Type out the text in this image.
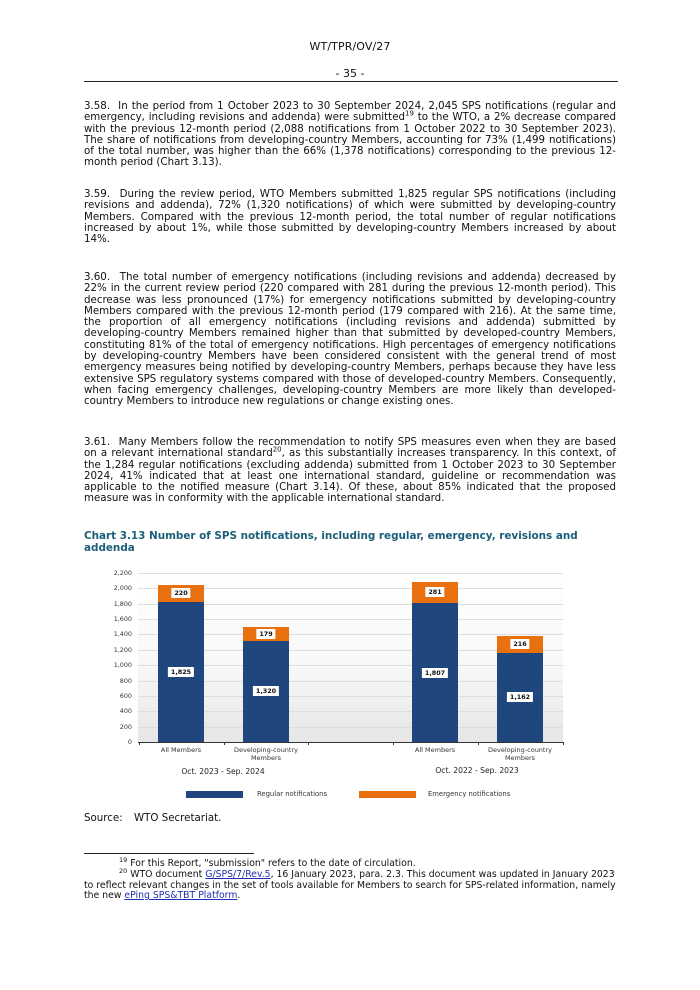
WT/TPR/OV/27
- 35 -

3.58. In the period from 1 October 2023 to 30 September 2024, 2,045 SPS notifications (regular and emergency, including revisions and addenda) were submitted$^{19}$ to the WTO, a 2% decrease compared with the previous 12-month period (2,088 notifications from 1 October 2022 to 30 September 2023). The share of notifications from developing-country Members, accounting for 73% (1,499 notifications) of the total number, was higher than the 66% (1,378 notifications) corresponding to the previous 12-month period (Chart 3.13).

3.59. During the review period, WTO Members submitted 1,825 regular SPS notifications (including revisions and addenda), 72% (1,320 notifications) of which were submitted by developing-country Members. Compared with the previous 12-month period, the total number of regular notifications increased by about 1%, while those submitted by developing-country Members increased by about 14%.

3.60. The total number of emergency notifications (including revisions and addenda) decreased by 22% in the current review period (220 compared with 281 during the previous 12-month period). This decrease was less pronounced (17%) for emergency notifications submitted by developing-country Members compared with the previous 12-month period (179 compared with 216). At the same time, the proportion of all emergency notifications (including revisions and addenda) submitted by developing-country Members remained higher than that submitted by developed-country Members, constituting 81% of the total of emergency notifications. High percentages of emergency notifications by developing-country Members have been considered consistent with the general trend of most emergency measures being notified by developing-country Members, perhaps because they have less extensive SPS regulatory systems compared with those of developed-country Members. Consequently, when facing emergency challenges, developing-country Members are more likely than developed-country Members to introduce new regulations or change existing ones.

3.61. Many Members follow the recommendation to notify SPS measures even when they are based on a relevant international standard$^{20}$, as this substantially increases transparency. In this context, of the 1,284 regular notifications (excluding addenda) submitted from 1 October 2023 to 30 September 2024, 41% indicated that at least one international standard, guideline or recommendation was applicable to the notified measure (Chart 3.14). Of these, about 85% indicated that the proposed measure was in conformity with the applicable international standard.

Chart 3.13 Number of SPS notifications, including regular, emergency, revisions and addenda

0
200
400
600
800
1,000
1,200
1,400
1,600
1,800
2,000
2,200
1,825
220
1,320
179
1,807
281
1,162
216
All Members	Developing-country
Members
All Members	Developing-country
Members
Oct. 2023 - Sep. 2024	Oct. 2022 - Sep. 2023
Regular notifications	Emergency notifications
Source: WTO Secretariat.

$^{19}$ For this Report, "submission" refers to the date of circulation.

$^{20}$ WTO document G/SPS/7/Rev.5, 16 January 2023, para. 2.3. This document was updated in January 2023 to reflect relevant changes in the set of tools available for Members to search for SPS-related information, namely the new ePing SPS&TBT Platform.
